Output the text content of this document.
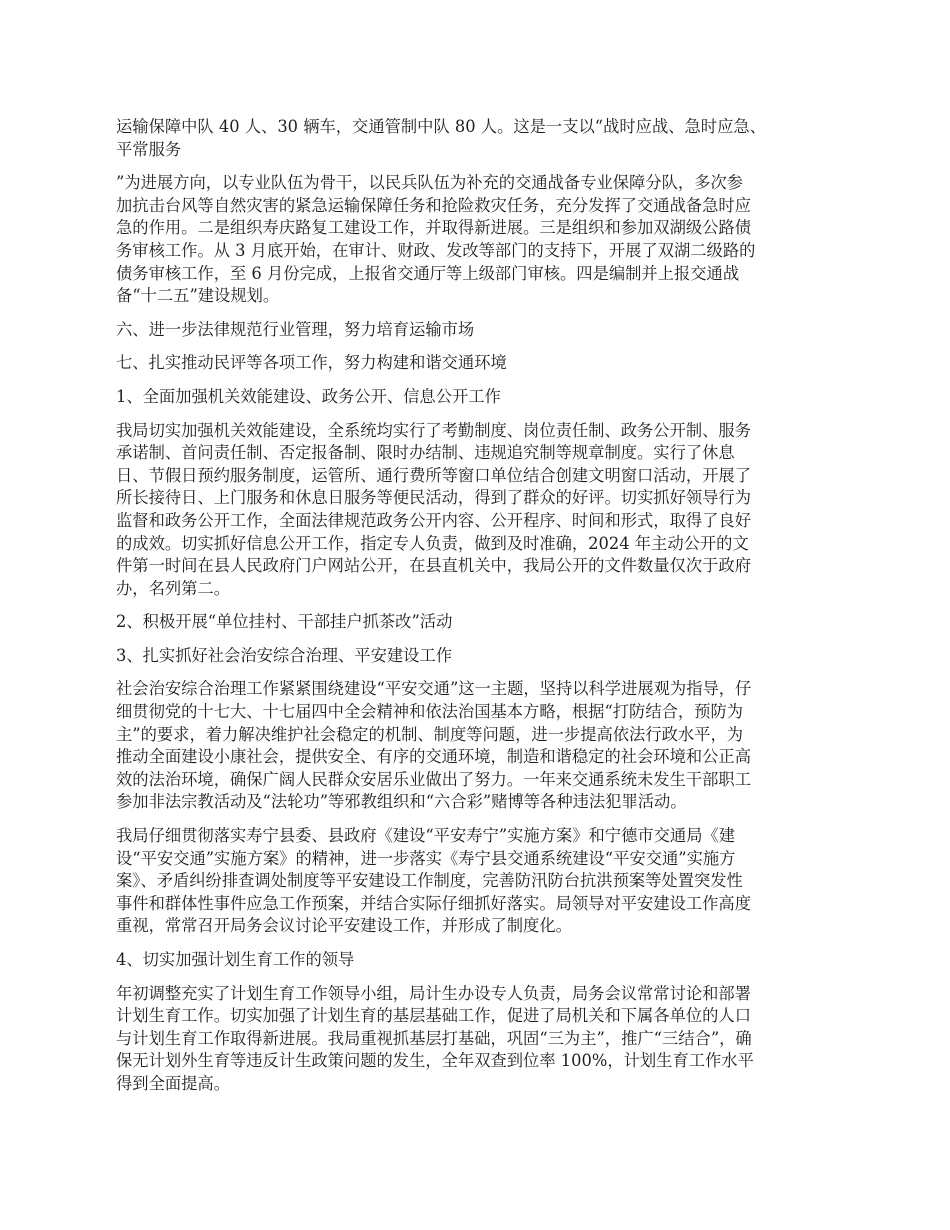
运输保障中队 40 人、30 辆车，交通管制中队 80 人。这是一支以“战时应战、急时应急、
平常服务

”为进展方向，以专业队伍为骨干，以民兵队伍为补充的交通战备专业保障分队，多次参
加抗击台风等自然灾害的紧急运输保障任务和抢险救灾任务，充分发挥了交通战备急时应
急的作用。二是组织寿庆路复工建设工作，并取得新进展。三是组织和参加双湖级公路债
务审核工作。从 3 月底开始，在审计、财政、发改等部门的支持下，开展了双湖二级路的
债务审核工作，至 6 月份完成，上报省交通厅等上级部门审核。四是编制并上报交通战
备“十二五”建设规划。

六、进一步法律规范行业管理，努力培育运输市场

七、扎实推动民评等各项工作，努力构建和谐交通环境

1、全面加强机关效能建设、政务公开、信息公开工作

我局切实加强机关效能建设，全系统均实行了考勤制度、岗位责任制、政务公开制、服务
承诺制、首问责任制、否定报备制、限时办结制、违规追究制等规章制度。实行了休息
日、节假日预约服务制度，运管所、通行费所等窗口单位结合创建文明窗口活动，开展了
所长接待日、上门服务和休息日服务等便民活动，得到了群众的好评。切实抓好领导行为
监督和政务公开工作，全面法律规范政务公开内容、公开程序、时间和形式，取得了良好
的成效。切实抓好信息公开工作，指定专人负责，做到及时准确，2024 年主动公开的文
件第一时间在县人民政府门户网站公开，在县直机关中，我局公开的文件数量仅次于政府
办，名列第二。

2、积极开展“单位挂村、干部挂户抓茶改”活动

3、扎实抓好社会治安综合治理、平安建设工作

社会治安综合治理工作紧紧围绕建设“平安交通”这一主题，坚持以科学进展观为指导，仔
细贯彻党的十七大、十七届四中全会精神和依法治国基本方略，根据“打防结合，预防为
主”的要求，着力解决维护社会稳定的机制、制度等问题，进一步提高依法行政水平，为
推动全面建设小康社会，提供安全、有序的交通环境，制造和谐稳定的社会环境和公正高
效的法治环境，确保广阔人民群众安居乐业做出了努力。一年来交通系统未发生干部职工
参加非法宗教活动及“法轮功”等邪教组织和“六合彩”赌博等各种违法犯罪活动。

我局仔细贯彻落实寿宁县委、县政府《建设“平安寿宁”实施方案》和宁德市交通局《建
设“平安交通”实施方案》的精神，进一步落实《寿宁县交通系统建设“平安交通”实施方
案》、矛盾纠纷排查调处制度等平安建设工作制度，完善防汛防台抗洪预案等处置突发性
事件和群体性事件应急工作预案，并结合实际仔细抓好落实。局领导对平安建设工作高度
重视，常常召开局务会议讨论平安建设工作，并形成了制度化。

4、切实加强计划生育工作的领导

年初调整充实了计划生育工作领导小组，局计生办设专人负责，局务会议常常讨论和部署
计划生育工作。切实加强了计划生育的基层基础工作，促进了局机关和下属各单位的人口
与计划生育工作取得新进展。我局重视抓基层打基础，巩固“三为主”，推广“三结合”，确
保无计划外生育等违反计生政策问题的发生，全年双查到位率 100%，计划生育工作水平
得到全面提高。
